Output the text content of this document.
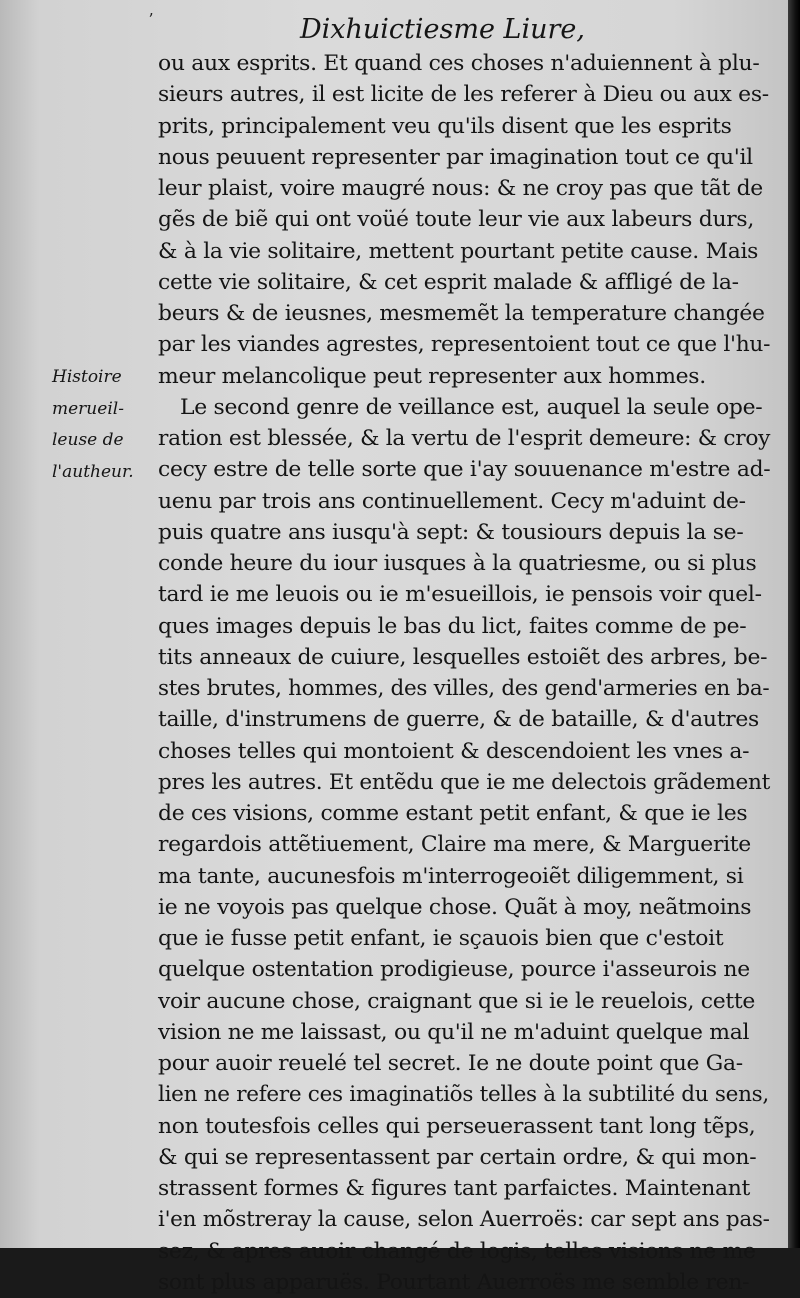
ʼ	Dixhuictiesme Liure,
Histoire
merueil-
leuse de
l'autheur.
ou aux esprits. Et quand ces choses n'aduiennent à plu-
sieurs autres, il est licite de les referer à Dieu ou aux es-
prits, principalement veu qu'ils disent que les esprits
nous peuuent representer par imagination tout ce qu'il
leur plaist, voire maugré nous: & ne croy pas que tãt de
gẽs de biẽ qui ont voüé toute leur vie aux labeurs durs,
& à la vie solitaire, mettent pourtant petite cause. Mais
cette vie solitaire, & cet esprit malade & affligé de la-
beurs & de ieusnes, mesmemẽt la temperature changée
par les viandes agrestes, representoient tout ce que l'hu-
meur melancolique peut representer aux hommes.
Le second genre de veillance est, auquel la seule ope-
ration est blessée, & la vertu de l'esprit demeure: & croy
cecy estre de telle sorte que i'ay souuenance m'estre ad-
uenu par trois ans continuellement. Cecy m'aduint de-
puis quatre ans iusqu'à sept: & tousiours depuis la se-
conde heure du iour iusques à la quatriesme, ou si plus
tard ie me leuois ou ie m'esueillois, ie pensois voir quel-
ques images depuis le bas du lict, faites comme de pe-
tits anneaux de cuiure, lesquelles estoiẽt des arbres, be-
stes brutes, hommes, des villes, des gend'armeries en ba-
taille, d'instrumens de guerre, & de bataille, & d'autres
choses telles qui montoient & descendoient les vnes a-
pres les autres. Et entẽdu que ie me delectois grãdement
de ces visions, comme estant petit enfant, & que ie les
regardois attẽtiuement, Claire ma mere, & Marguerite
ma tante, aucunesfois m'interrogeoiẽt diligemment, si
ie ne voyois pas quelque chose. Quãt à moy, neãtmoins
que ie fusse petit enfant, ie sçauois bien que c'estoit
quelque ostentation prodigieuse, pource i'asseurois ne
voir aucune chose, craignant que si ie le reuelois, cette
vision ne me laissast, ou qu'il ne m'aduint quelque mal
pour auoir reuelé tel secret. Ie ne doute point que Ga-
lien ne refere ces imaginatiõs telles à la subtilité du sens,
non toutesfois celles qui perseuerassent tant long tẽps,
& qui se representassent par certain ordre, & qui mon-
strassent formes & figures tant parfaictes. Maintenant
i'en mõstreray la cause, selon Auerroës: car sept ans pas-
sez, & apres auoir changé de logis, telles visions ne me
sont plus apparuës. Pourtant Auerroës me semble ren-
